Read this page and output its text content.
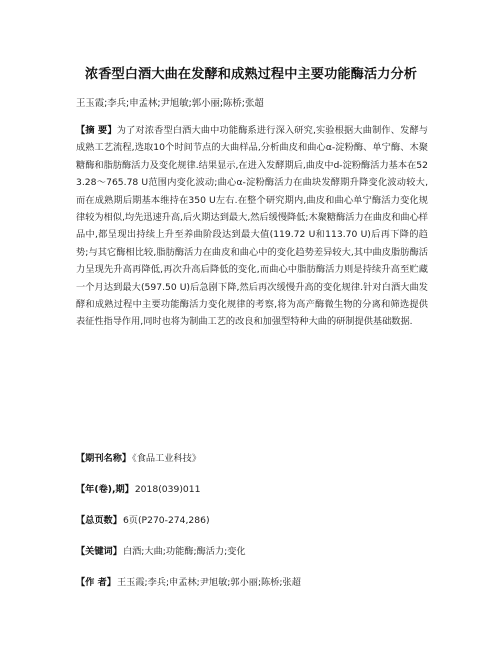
浓香型白酒大曲在发酵和成熟过程中主要功能酶活力分析
王玉霞;李兵;申孟林;尹旭敏;郭小丽;陈桥;张超
【摘 要】为了对浓香型白酒大曲中功能酶系进行深入研究,实验根据大曲制作、发酵与成熟工艺流程,选取10个时间节点的大曲样品,分析曲皮和曲心α-淀粉酶、单宁酶、木聚糖酶和脂肪酶活力及变化规律.结果显示,在进入发酵期后,曲皮中d-淀粉酶活力基本在523.28～765.78 U范围内变化波动;曲心α-淀粉酶活力在曲块发酵期升降变化波动较大,而在成熟期后期基本维持在350 U左右.在整个研究期内,曲皮和曲心单宁酶活力变化规律较为相似,均先迅速升高,后火期达到最大,然后缓慢降低;木聚糖酶活力在曲皮和曲心样品中,都呈现出持续上升至养曲阶段达到最大值(119.72 U和113.70 U)后再下降的趋势;与其它酶相比较,脂肪酶活力在曲皮和曲心中的变化趋势差异较大,其中曲皮脂肪酶活力呈现先升高再降低,再次升高后降低的变化,而曲心中脂肪酶活力则是持续升高至贮藏一个月达到最大(597.50 U)后急剧下降,然后再次缓慢升高的变化规律.针对白酒大曲发酵和成熟过程中主要功能酶活力变化规律的考察,将为高产酶微生物的分离和筛选提供表征性指导作用,同时也将为制曲工艺的改良和加强型特种大曲的研制提供基础数据.
【期刊名称】《食品工业科技》
【年(卷),期】2018(039)011
【总页数】6页(P270-274,286)
【关键词】白酒;大曲;功能酶;酶活力;变化
【作 者】王玉霞;李兵;申孟林;尹旭敏;郭小丽;陈桥;张超
